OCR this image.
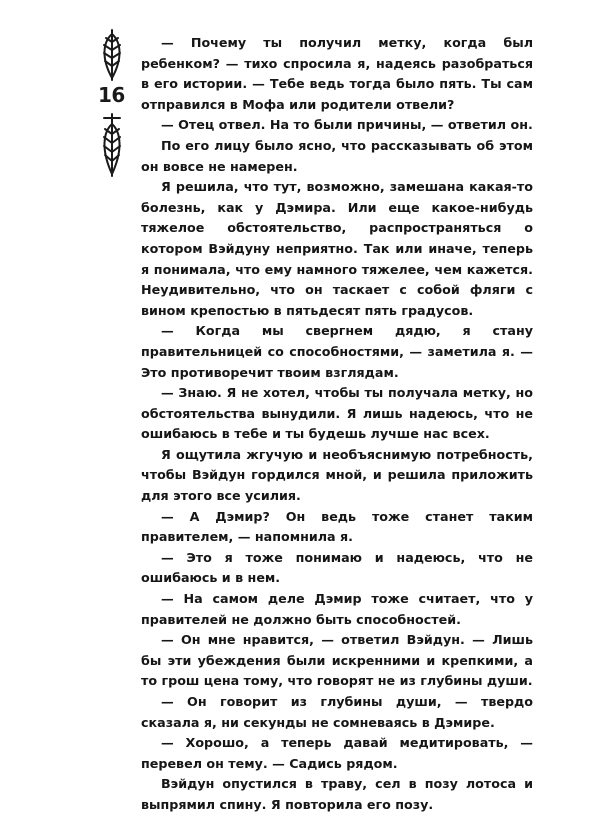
16

— Почему ты получил метку, когда был ребенком? — тихо спросила я, надеясь разобраться в его истории. — Тебе ведь тогда было пять. Ты сам отправился в Мофа или родители отвели?

— Отец отвел. На то были причины, — ответил он.

По его лицу было ясно, что рассказывать об этом он вовсе не намерен.

Я решила, что тут, возможно, замешана какая-то болезнь, как у Дэмира. Или еще какое-нибудь тяжелое обстоятельство, распространяться о котором Вэйдуну неприятно. Так или иначе, теперь я понимала, что ему намного тяжелее, чем кажется. Неудивительно, что он таскает с собой фляги с вином крепостью в пятьдесят пять градусов.

— Когда мы свергнем дядю, я стану правительницей со способностями, — заметила я. — Это противоречит твоим взглядам.

— Знаю. Я не хотел, чтобы ты получала метку, но обстоятельства вынудили. Я лишь надеюсь, что не ошибаюсь в тебе и ты будешь лучше нас всех.

Я ощутила жгучую и необъяснимую потребность, чтобы Вэйдун гордился мной, и решила приложить для этого все усилия.

— А Дэмир? Он ведь тоже станет таким правителем, — напомнила я.

— Это я тоже понимаю и надеюсь, что не ошибаюсь и в нем.

— На самом деле Дэмир тоже считает, что у правителей не должно быть способностей.

— Он мне нравится, — ответил Вэйдун. — Лишь бы эти убеждения были искренними и крепкими, а то грош цена тому, что говорят не из глубины души.

— Он говорит из глубины души, — твердо сказала я, ни секунды не сомневаясь в Дэмире.

— Хорошо, а теперь давай медитировать, — перевел он тему. — Садись рядом.

Вэйдун опустился в траву, сел в позу лотоса и выпрямил спину. Я повторила его позу.
